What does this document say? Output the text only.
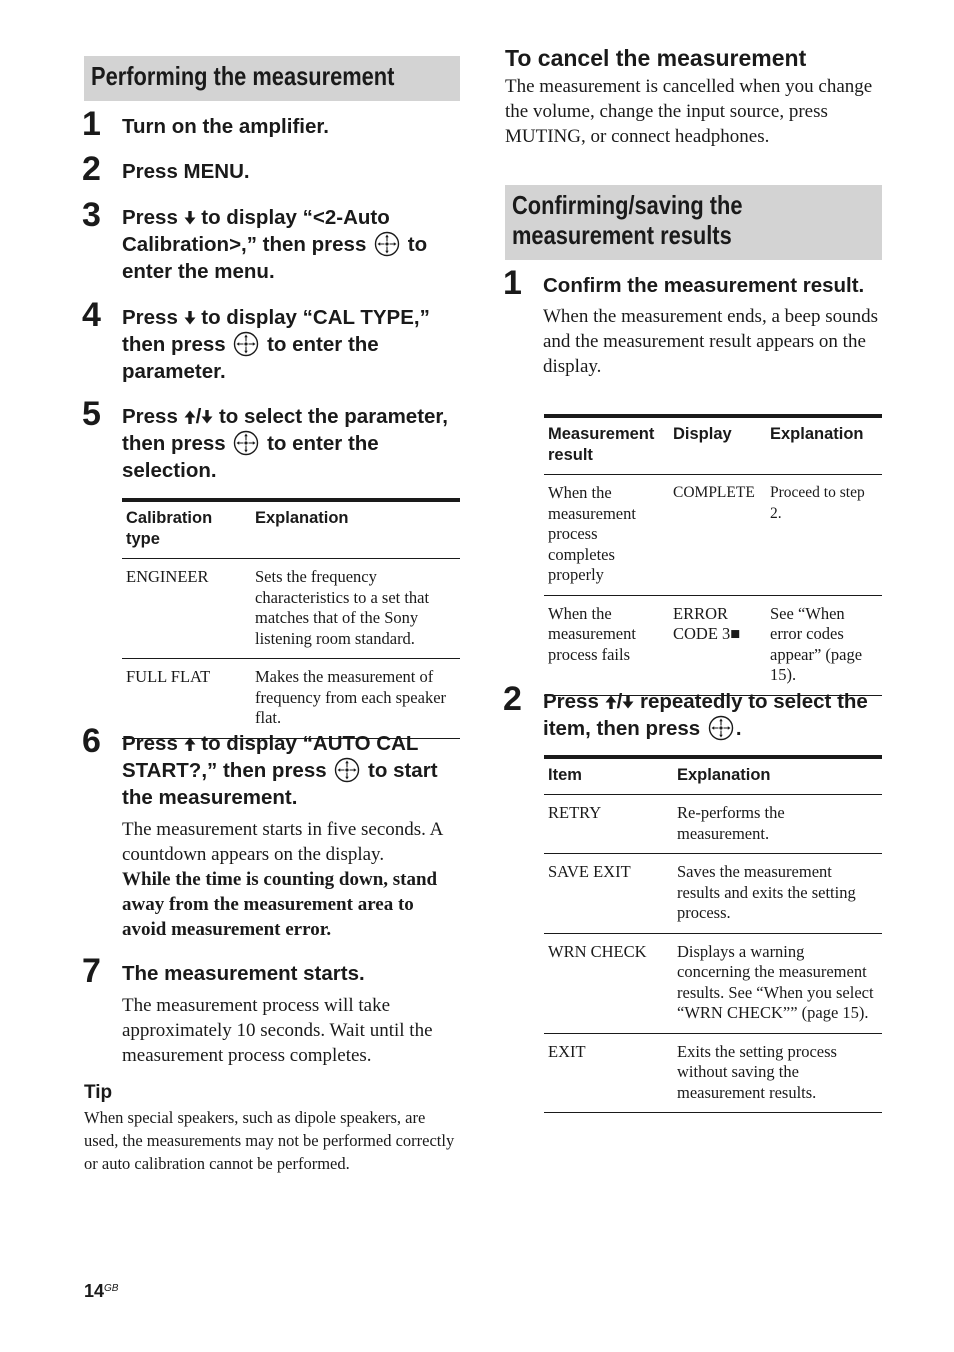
Performing the measurement
1 Turn on the amplifier.
2 Press MENU.
3 Press  to display “<2-Auto Calibration>,” then press  to enter the menu.
4 Press  to display “CAL TYPE,” then press  to enter the parameter.
5 Press / to select the parameter, then press  to enter the selection.
Calibration type	Explanation
ENGINEER	Sets the frequency characteristics to a set that matches that of the Sony listening room standard.
FULL FLAT	Makes the measurement of frequency from each speaker flat.
6 Press  to display “AUTO CAL START?,” then press  to start the measurement.
The measurement starts in five seconds. A countdown appears on the display.
While the time is counting down, stand away from the measurement area to avoid measurement error.
7 The measurement starts.
The measurement process will take approximately 10 seconds. Wait until the measurement process completes.
Tip
When special speakers, such as dipole speakers, are used, the measurements may not be performed correctly or auto calibration cannot be performed.
To cancel the measurement
The measurement is cancelled when you change the volume, change the input source, press MUTING, or connect headphones.
Confirming/saving the
measurement results
1 Confirm the measurement result.
When the measurement ends, a beep sounds and the measurement result appears on the display.
Measurement result	Display	Explanation
When the measurement process completes properly	COMPLETE	Proceed to step 2.
When the measurement process fails	ERROR CODE 3■	See “When error codes appear” (page 15).
2 Press / repeatedly to select the item, then press .
Item	Explanation
RETRY	Re-performs the measurement.
SAVE EXIT	Saves the measurement results and exits the setting process.
WRN CHECK	Displays a warning concerning the measurement results. See “When you select “WRN CHECK”” (page 15).
EXIT	Exits the setting process without saving the measurement results.
$14^{GB}$
